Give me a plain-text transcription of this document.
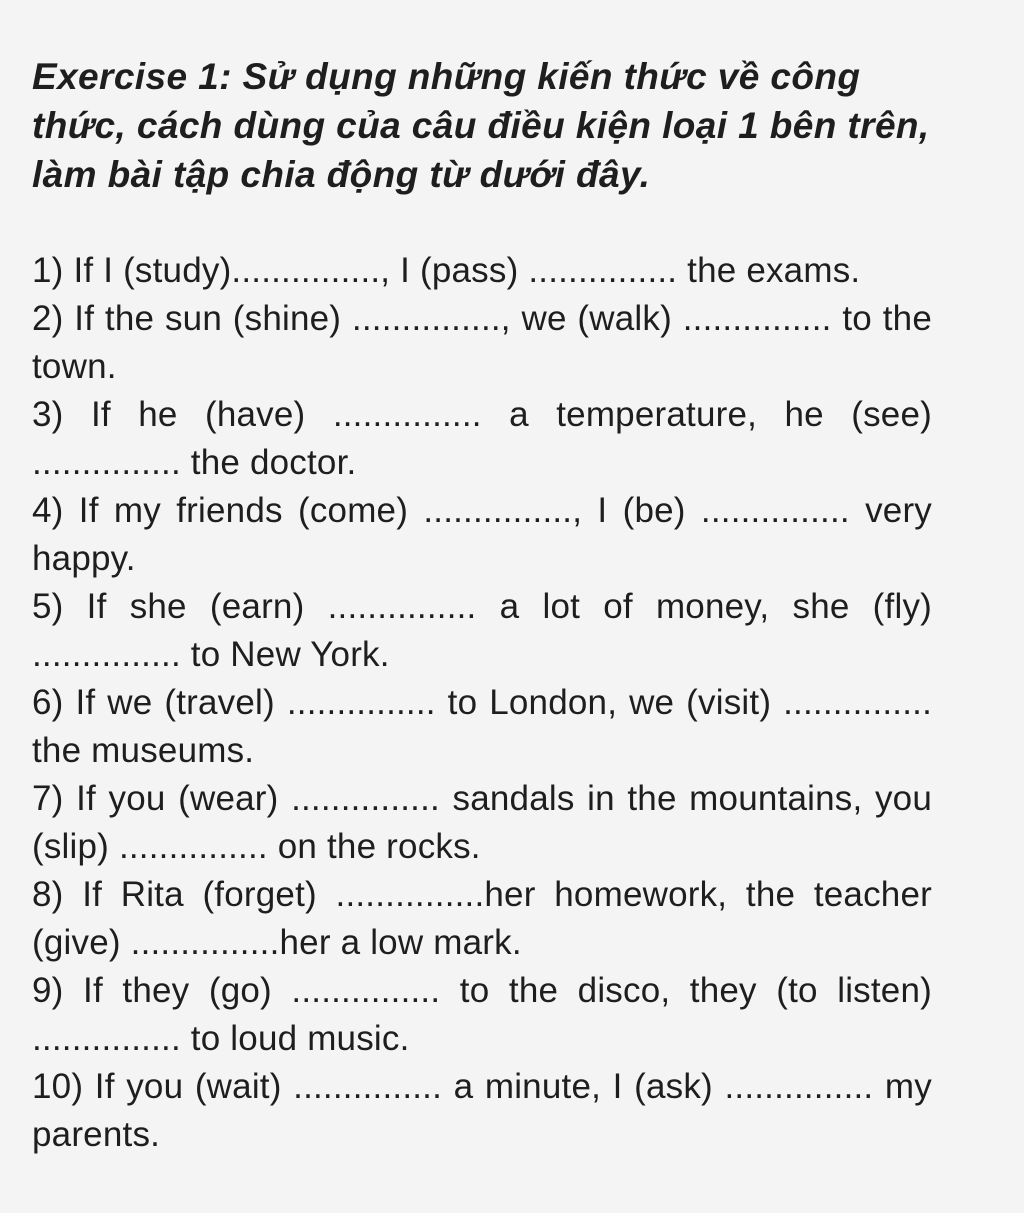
Exercise 1: Sử dụng những kiến thức về công thức, cách dùng của câu điều kiện loại 1 bên trên, làm bài tập chia động từ dưới đây.
1) If I (study)..............., I (pass) ............... the exams.
2) If the sun (shine) ..............., we (walk) ............... to the town.
3) If he (have) ............... a temperature, he (see) ............... the doctor.
4) If my friends (come) ..............., I (be) ............... very happy.
5) If she (earn) ............... a lot of money, she (fly) ............... to New York.
6) If we (travel) ............... to London, we (visit) ............... the museums.
7) If you (wear) ............... sandals in the mountains, you (slip) ............... on the rocks.
8) If Rita (forget) ...............her homework, the teacher (give) ...............her a low mark.
9) If they (go) ............... to the disco, they (to listen) ............... to loud music.
10) If you (wait) ............... a minute, I (ask) ............... my parents.
